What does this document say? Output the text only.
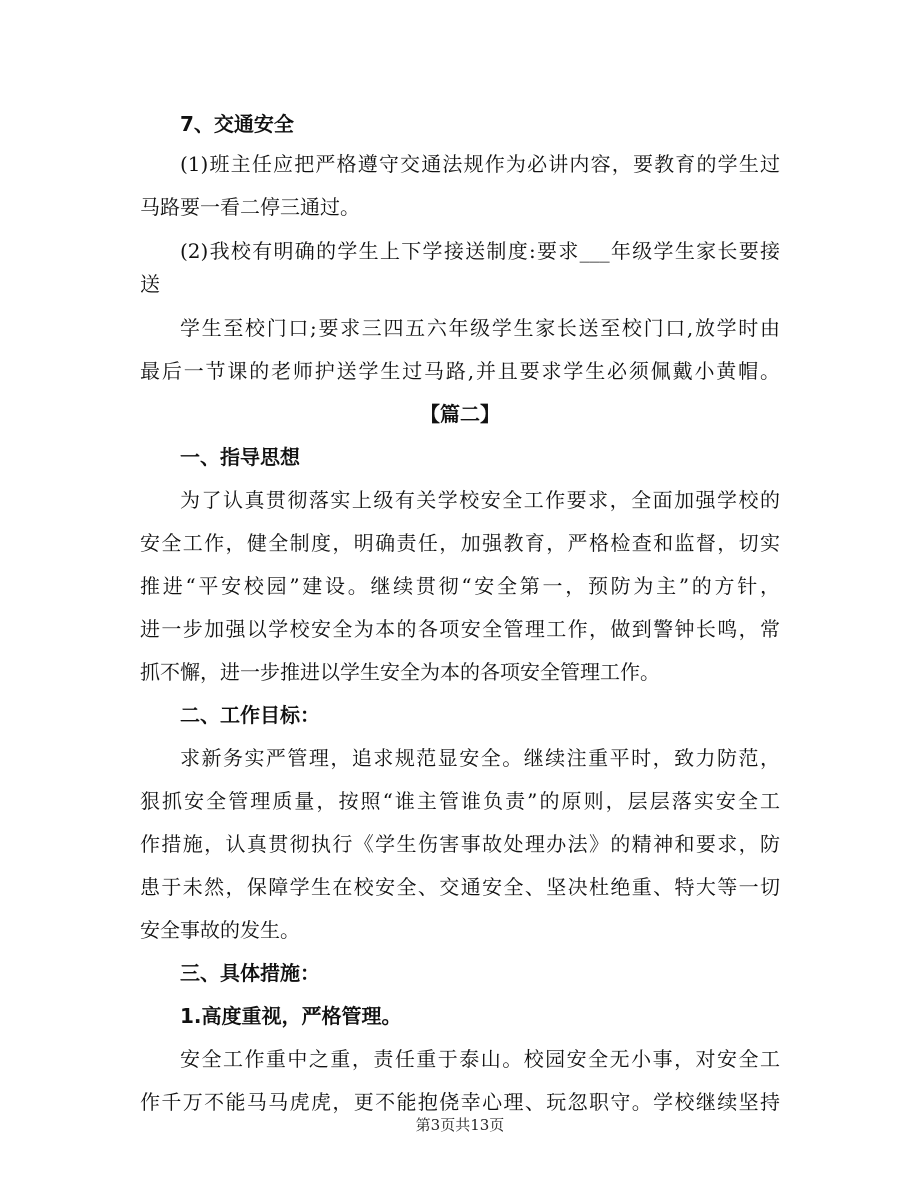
7、交通安全
(1)班主任应把严格遵守交通法规作为必讲内容，要教育的学生过
马路要一看二停三通过。
(2)我校有明确的学生上下学接送制度:要求___年级学生家长要接
送
学生至校门口;要求三四五六年级学生家长送至校门口,放学时由
最后一节课的老师护送学生过马路,并且要求学生必须佩戴小黄帽。
【篇二】
一、指导思想
为了认真贯彻落实上级有关学校安全工作要求，全面加强学校的
安全工作，健全制度，明确责任，加强教育，严格检查和监督，切实
推进“平安校园”建设。继续贯彻“安全第一，预防为主”的方针，
进一步加强以学校安全为本的各项安全管理工作，做到警钟长鸣，常
抓不懈，进一步推进以学生安全为本的各项安全管理工作。
二、工作目标：
求新务实严管理，追求规范显安全。继续注重平时，致力防范，
狠抓安全管理质量，按照“谁主管谁负责”的原则，层层落实安全工
作措施，认真贯彻执行《学生伤害事故处理办法》的精神和要求，防
患于未然，保障学生在校安全、交通安全、坚决杜绝重、特大等一切
安全事故的发生。
三、具体措施：
1.高度重视，严格管理。
安全工作重中之重，责任重于泰山。校园安全无小事，对安全工
作千万不能马马虎虎，更不能抱侥幸心理、玩忽职守。学校继续坚持
第3页共13页
